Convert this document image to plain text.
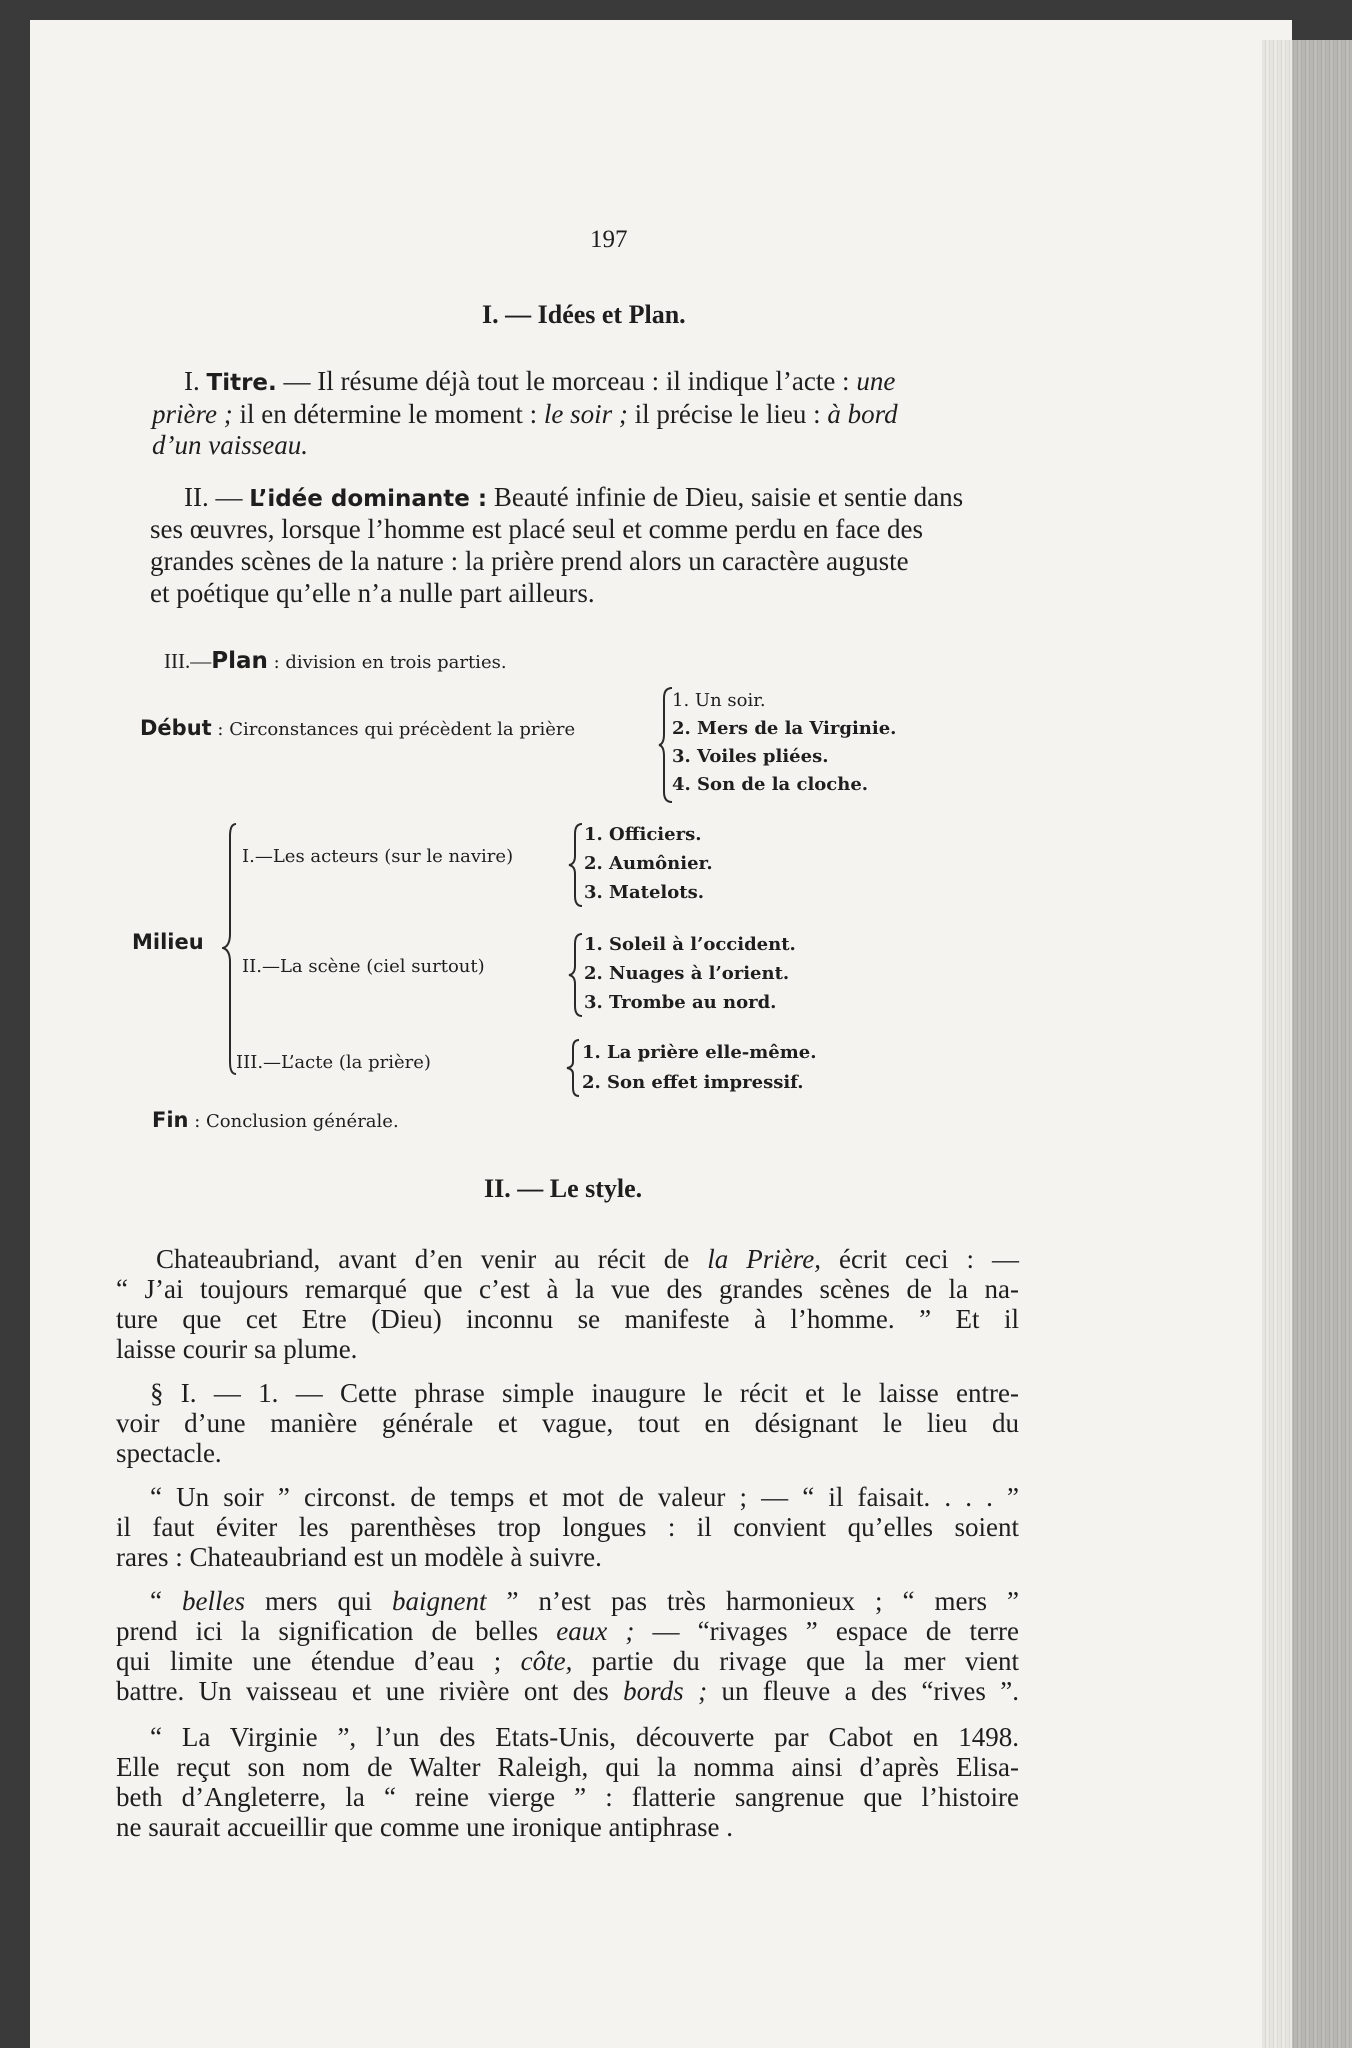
197
I. — Idées et Plan.
I. Titre. — Il résume déjà tout le morceau : il indique l’acte : une
prière ; il en détermine le moment : le soir ; il précise le lieu : à bord
d’un vaisseau.
II. — L’idée dominante : Beauté infinie de Dieu, saisie et sentie dans
ses œuvres, lorsque l’homme est placé seul et comme perdu en face des
grandes scènes de la nature : la prière prend alors un caractère auguste
et poétique qu’elle n’a nulle part ailleurs.
III.—Plan : division en trois parties.
Début : Circonstances qui précèdent la prière
1. Un soir.
2. Mers de la Virginie.
3. Voiles pliées.
4. Son de la cloche.
Milieu
I.—Les acteurs (sur le navire)
1. Officiers.
2. Aumônier.
3. Matelots.
II.—La scène (ciel surtout)
1. Soleil à l’occident.
2. Nuages à l’orient.
3. Trombe au nord.
III.—L’acte (la prière)	1. La prière elle-même.
2. Son effet impressif.
Fin : Conclusion générale.
II. — Le style.
Chateaubriand, avant d’en venir au récit de la Prière, écrit ceci : —
“ J’ai toujours remarqué que c’est à la vue des grandes scènes de la na-
ture que cet Etre (Dieu) inconnu se manifeste à l’homme. ” Et il
laisse courir sa plume.
§ I. — 1. — Cette phrase simple inaugure le récit et le laisse entre-
voir d’une manière générale et vague, tout en désignant le lieu du
spectacle.
“ Un soir ” circonst. de temps et mot de valeur ; — “ il faisait. . . . ”
il faut éviter les parenthèses trop longues : il convient qu’elles soient
rares : Chateaubriand est un modèle à suivre.
“ belles mers qui baignent ” n’est pas très harmonieux ; “ mers ”
prend ici la signification de belles eaux ; — “rivages ” espace de terre
qui limite une étendue d’eau ; côte, partie du rivage que la mer vient
battre. Un vaisseau et une rivière ont des bords ; un fleuve a des “rives ”.
“ La Virginie ”, l’un des Etats-Unis, découverte par Cabot en 1498.
Elle reçut son nom de Walter Raleigh, qui la nomma ainsi d’après Elisa-
beth d’Angleterre, la “ reine vierge ” : flatterie sangrenue que l’histoire
ne saurait accueillir que comme une ironique antiphrase .
